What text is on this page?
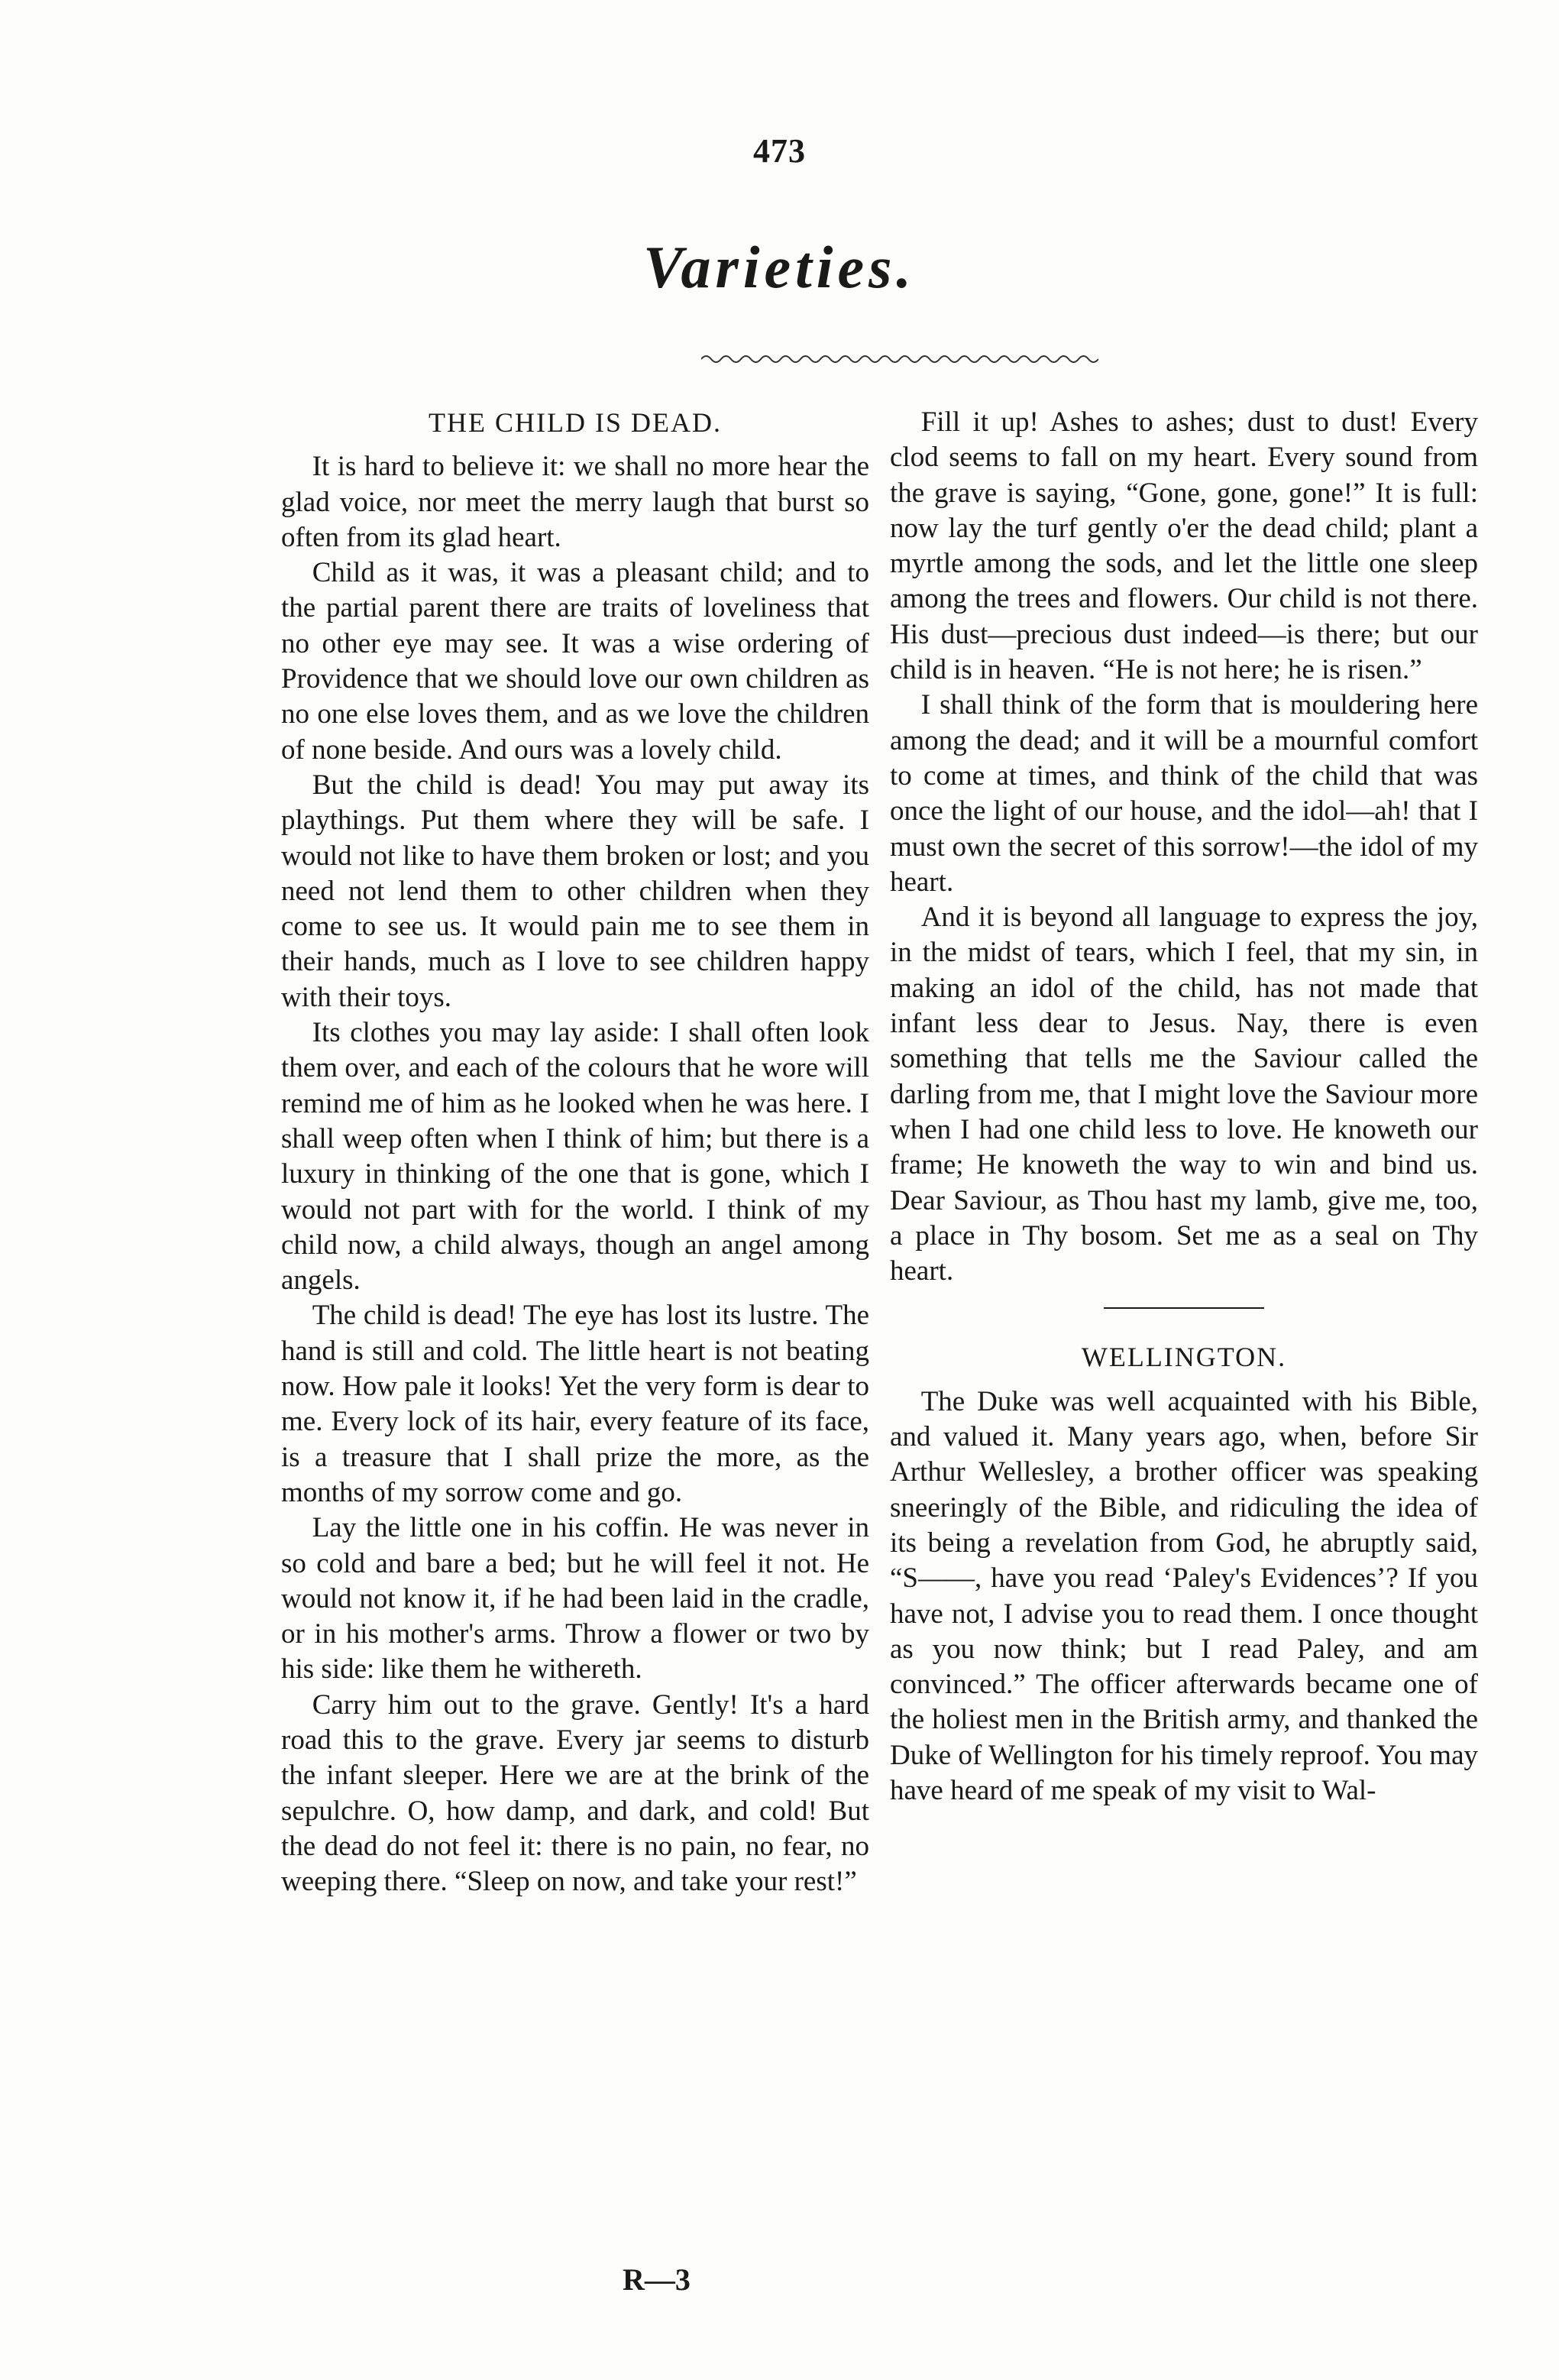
473
Varieties.
THE CHILD IS DEAD.

It is hard to believe it: we shall no more hear the glad voice, nor meet the merry laugh that burst so often from its glad heart.

Child as it was, it was a pleasant child; and to the partial parent there are traits of loveliness that no other eye may see. It was a wise ordering of Providence that we should love our own children as no one else loves them, and as we love the children of none beside. And ours was a lovely child.

But the child is dead! You may put away its playthings. Put them where they will be safe. I would not like to have them broken or lost; and you need not lend them to other children when they come to see us. It would pain me to see them in their hands, much as I love to see children happy with their toys.

Its clothes you may lay aside: I shall often look them over, and each of the colours that he wore will remind me of him as he looked when he was here. I shall weep often when I think of him; but there is a luxury in thinking of the one that is gone, which I would not part with for the world. I think of my child now, a child always, though an angel among angels.

The child is dead! The eye has lost its lustre. The hand is still and cold. The little heart is not beating now. How pale it looks! Yet the very form is dear to me. Every lock of its hair, every feature of its face, is a treasure that I shall prize the more, as the months of my sorrow come and go.

Lay the little one in his coffin. He was never in so cold and bare a bed; but he will feel it not. He would not know it, if he had been laid in the cradle, or in his mother's arms. Throw a flower or two by his side: like them he withereth.

Carry him out to the grave. Gently! It's a hard road this to the grave. Every jar seems to disturb the infant sleeper. Here we are at the brink of the sepulchre. O, how damp, and dark, and cold! But the dead do not feel it: there is no pain, no fear, no weeping there. “Sleep on now, and take your rest!”

Fill it up! Ashes to ashes; dust to dust! Every clod seems to fall on my heart. Every sound from the grave is saying, “Gone, gone, gone!” It is full: now lay the turf gently o'er the dead child; plant a myrtle among the sods, and let the little one sleep among the trees and flowers. Our child is not there. His dust—precious dust indeed—is there; but our child is in heaven. “He is not here; he is risen.”

I shall think of the form that is mouldering here among the dead; and it will be a mournful comfort to come at times, and think of the child that was once the light of our house, and the idol—ah! that I must own the secret of this sorrow!—the idol of my heart.

And it is beyond all language to express the joy, in the midst of tears, which I feel, that my sin, in making an idol of the child, has not made that infant less dear to Jesus. Nay, there is even something that tells me the Saviour called the darling from me, that I might love the Saviour more when I had one child less to love. He knoweth our frame; He knoweth the way to win and bind us. Dear Saviour, as Thou hast my lamb, give me, too, a place in Thy bosom. Set me as a seal on Thy heart.

WELLINGTON.

The Duke was well acquainted with his Bible, and valued it. Many years ago, when, before Sir Arthur Wellesley, a brother officer was speaking sneeringly of the Bible, and ridiculing the idea of its being a revelation from God, he abruptly said, “S——, have you read ‘Paley's Evidences’? If you have not, I advise you to read them. I once thought as you now think; but I read Paley, and am convinced.” The officer afterwards became one of the holiest men in the British army, and thanked the Duke of Wellington for his timely reproof. You may have heard of me speak of my visit to Wal-

R—3
